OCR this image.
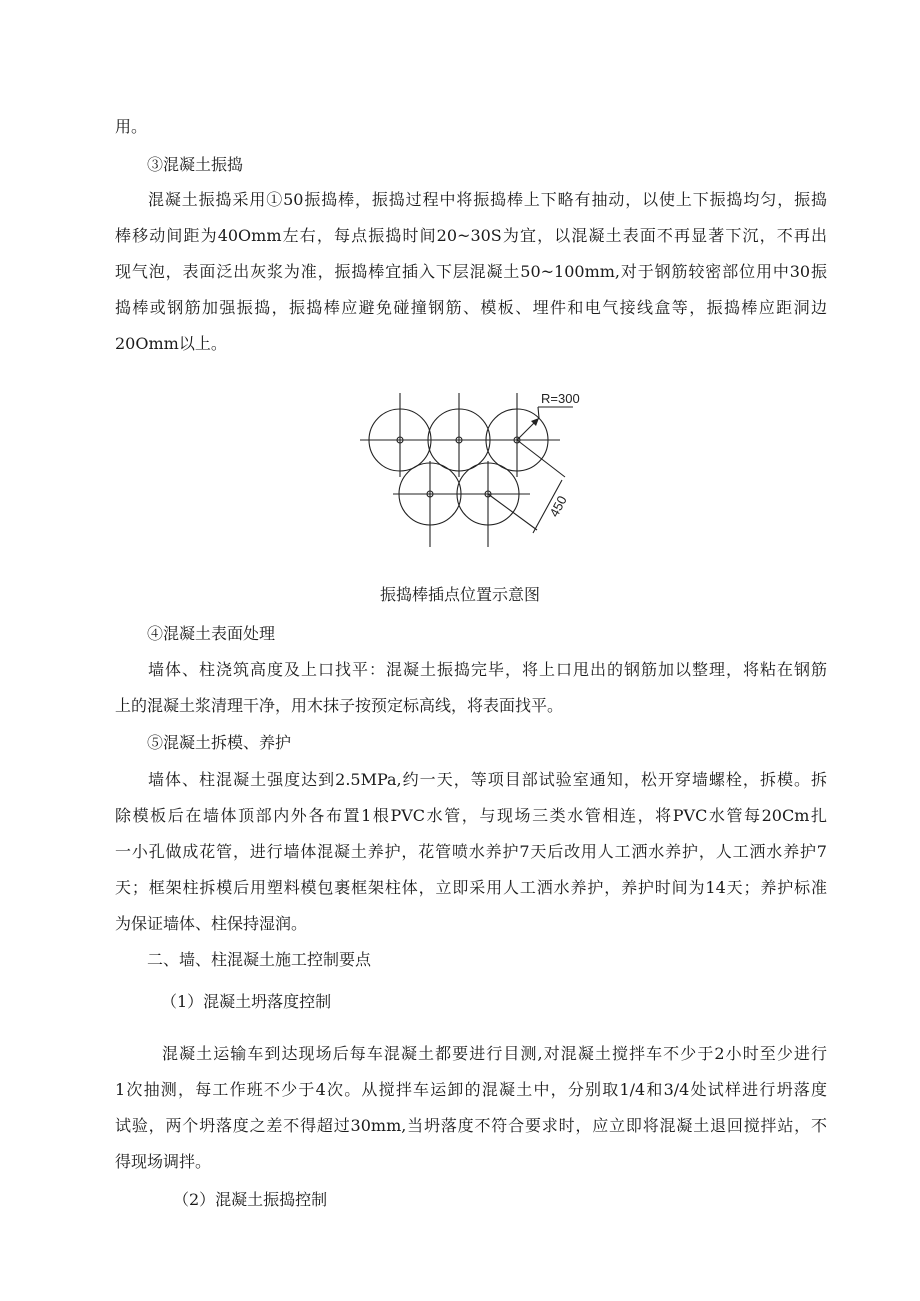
用。
③混凝土振捣
混凝土振捣采用①50振捣棒，振捣过程中将振捣棒上下略有抽动，以使上下振捣均匀，振捣
棒移动间距为40Omm左右，每点振捣时间20~30S为宜，以混凝土表面不再显著下沉，不再出
现气泡，表面泛出灰浆为准，振捣棒宜插入下层混凝土50~100mm,对于钢筋较密部位用中30振
捣棒或钢筋加强振捣，振捣棒应避免碰撞钢筋、模板、埋件和电气接线盒等，振捣棒应距洞边
20Omm以上。
R=300
450
振捣棒插点位置示意图
④混凝土表面处理
墙体、柱浇筑高度及上口找平：混凝土振捣完毕，将上口甩出的钢筋加以整理，将粘在钢筋
上的混凝土浆清理干净，用木抹子按预定标高线，将表面找平。
⑤混凝土拆模、养护
墙体、柱混凝土强度达到2.5MPa,约一天，等项目部试验室通知，松开穿墙螺栓，拆模。拆
除模板后在墙体顶部内外各布置1根PVC水管，与现场三类水管相连，将PVC水管每20Cm扎
一小孔做成花管，进行墙体混凝土养护，花管喷水养护7天后改用人工洒水养护，人工洒水养护7
天；框架柱拆模后用塑料模包裹框架柱体，立即采用人工洒水养护，养护时间为14天；养护标准
为保证墙体、柱保持湿润。
二、墙、柱混凝土施工控制要点
（1）混凝土坍落度控制
混凝土运输车到达现场后每车混凝土都要进行目测,对混凝土搅拌车不少于2小时至少进行
1次抽测，每工作班不少于4次。从搅拌车运卸的混凝土中，分别取1/4和3/4处试样进行坍落度
试验，两个坍落度之差不得超过30mm,当坍落度不符合要求时，应立即将混凝土退回搅拌站，不
得现场调拌。
（2）混凝土振捣控制
